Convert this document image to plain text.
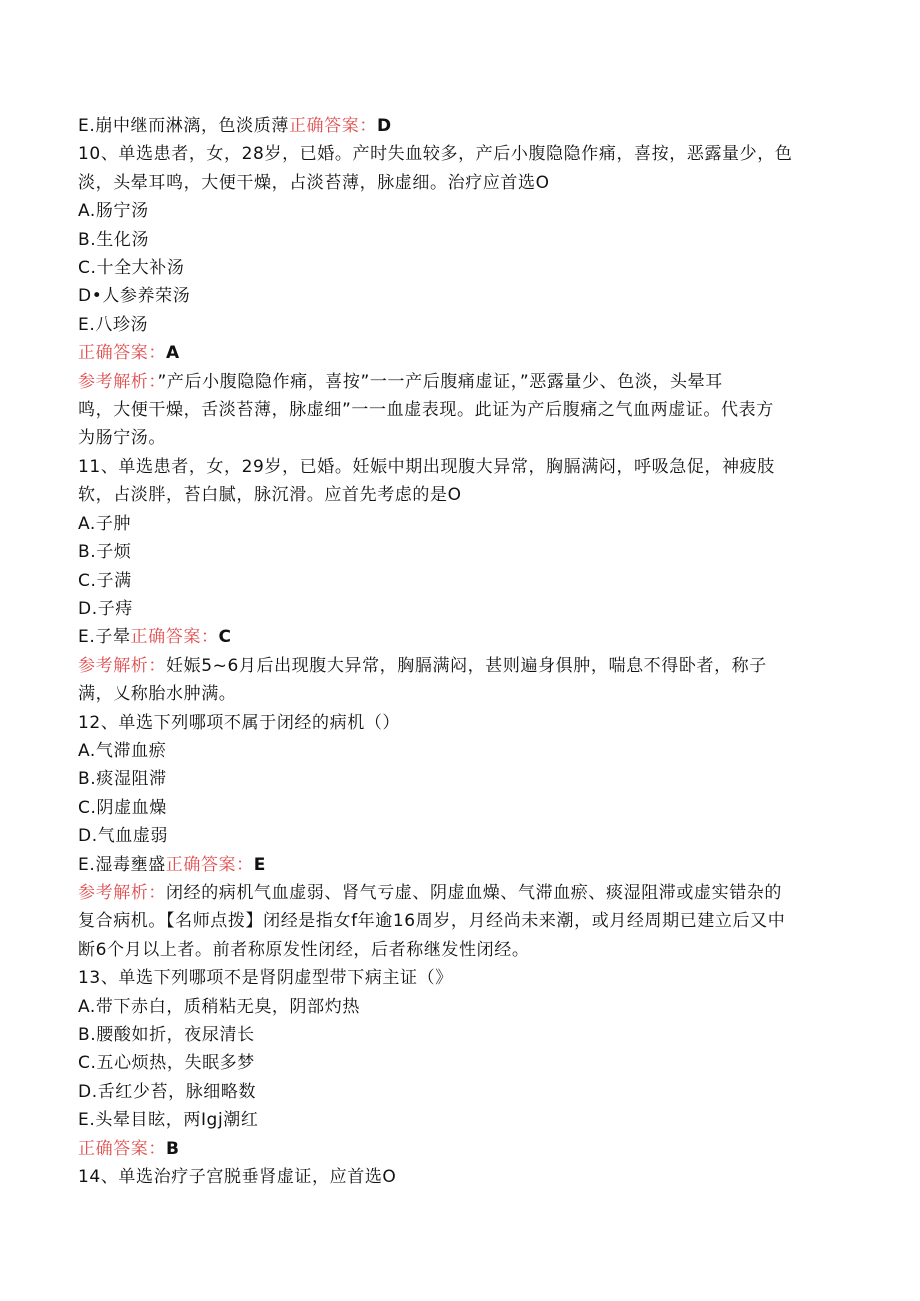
E.崩中继而淋漓，色淡质薄正确答案：D
10、单选患者，女，28岁，已婚。产时失血较多，产后小腹隐隐作痛，喜按，恶露量少，色
淡，头晕耳鸣，大便干燥，占淡苔薄，脉虚细。治疗应首选O
A.肠宁汤
B.生化汤
C.十全大补汤
D•人参养荣汤
E.八珍汤
正确答案：A
参考解析：”产后小腹隐隐作痛，喜按”一一产后腹痛虚证，”恶露量少、色淡，头晕耳
鸣，大便干燥，舌淡苔薄，脉虚细”一一血虚表现。此证为产后腹痛之气血两虚证。代表方
为肠宁汤。
11、单选患者，女，29岁，已婚。妊娠中期出现腹大异常，胸膈满闷，呼吸急促，神疲肢
软，占淡胖，苔白腻，脉沉滑。应首先考虑的是O
A.子肿
B.子烦
C.子满
D.子痔
E.子晕正确答案：C
参考解析：妊娠5~6月后出现腹大异常，胸膈满闷，甚则遍身俱肿，喘息不得卧者，称子
满，乂称胎水肿满。
12、单选下列哪项不属于闭经的病机（）
A.气滞血瘀
B.痰湿阻滞
C.阴虚血燥
D.气血虚弱
E.湿毒壅盛正确答案：E
参考解析：闭经的病机气血虚弱、肾气亏虚、阴虚血燥、气滞血瘀、痰湿阻滞或虚实错杂的
复合病机。【名师点拨】闭经是指女f年逾16周岁，月经尚未来潮，或月经周期已建立后又中
断6个月以上者。前者称原发性闭经，后者称继发性闭经。
13、单选下列哪项不是肾阴虚型带下病主证（》
A.带下赤白，质稍粘无臭，阴部灼热
B.腰酸如折，夜尿清长
C.五心烦热，失眠多梦
D.舌红少苔，脉细略数
E.头晕目眩，两Igj潮红
正确答案：B
14、单选治疗子宫脱垂肾虚证，应首选O
